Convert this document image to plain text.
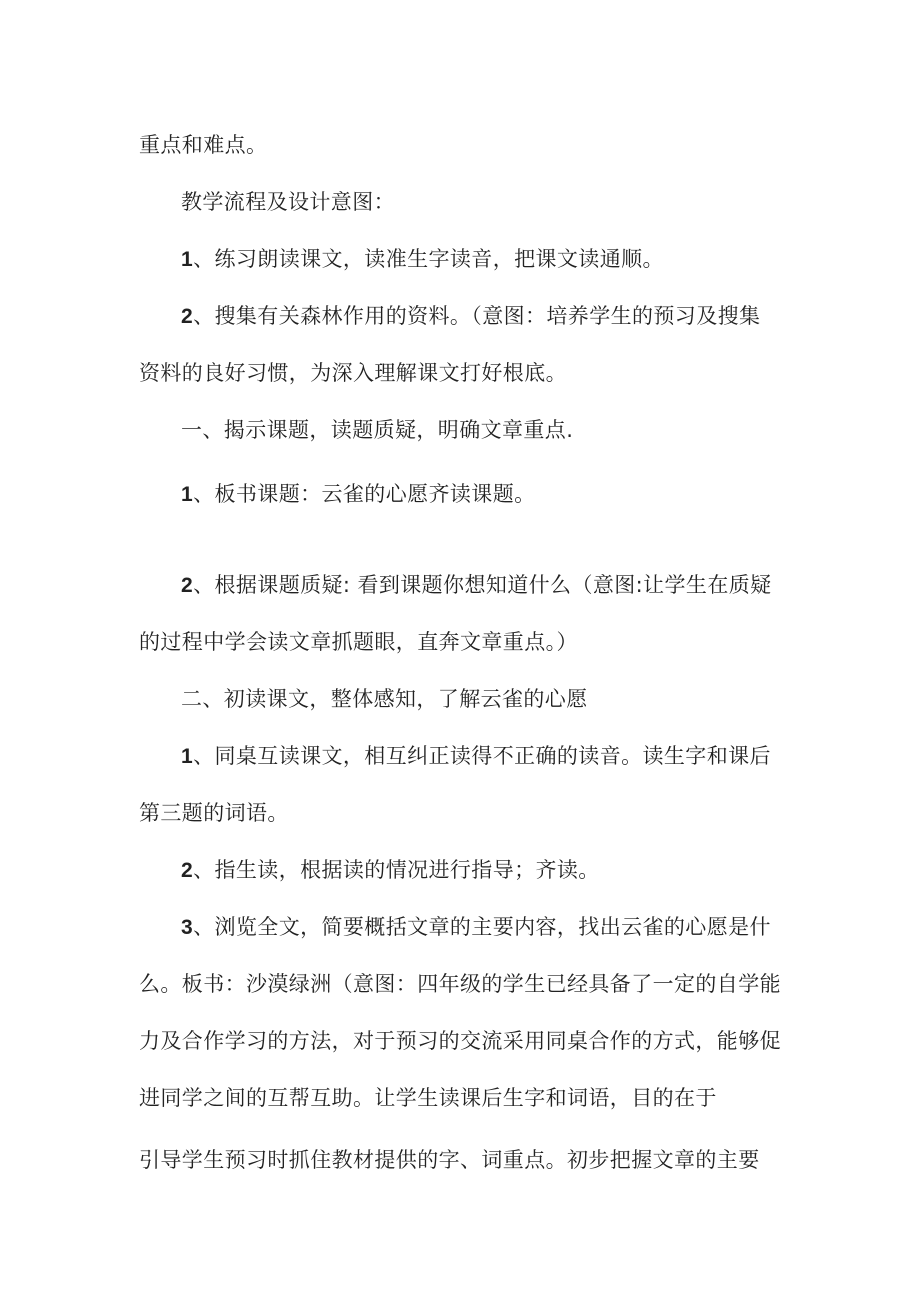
重点和难点。
教学流程及设计意图：
1、练习朗读课文，读准生字读音，把课文读通顺。
2、搜集有关森林作用的资料。（意图：培养学生的预习及搜集
资料的良好习惯，为深入理解课文打好根底。
一、揭示课题，读题质疑，明确文章重点.
1、板书课题：云雀的心愿齐读课题。
2、根据课题质疑: 看到课题你想知道什么（意图:让学生在质疑
的过程中学会读文章抓题眼，直奔文章重点。）
二、初读课文，整体感知，了解云雀的心愿
1、同桌互读课文，相互纠正读得不正确的读音。读生字和课后
第三题的词语。
2、指生读，根据读的情况进行指导；齐读。
3、浏览全文，简要概括文章的主要内容，找出云雀的心愿是什
么。板书：沙漠绿洲（意图：四年级的学生已经具备了一定的自学能
力及合作学习的方法，对于预习的交流采用同桌合作的方式，能够促
进同学之间的互帮互助。让学生读课后生字和词语，目的在于
引导学生预习时抓住教材提供的字、词重点。初步把握文章的主要
